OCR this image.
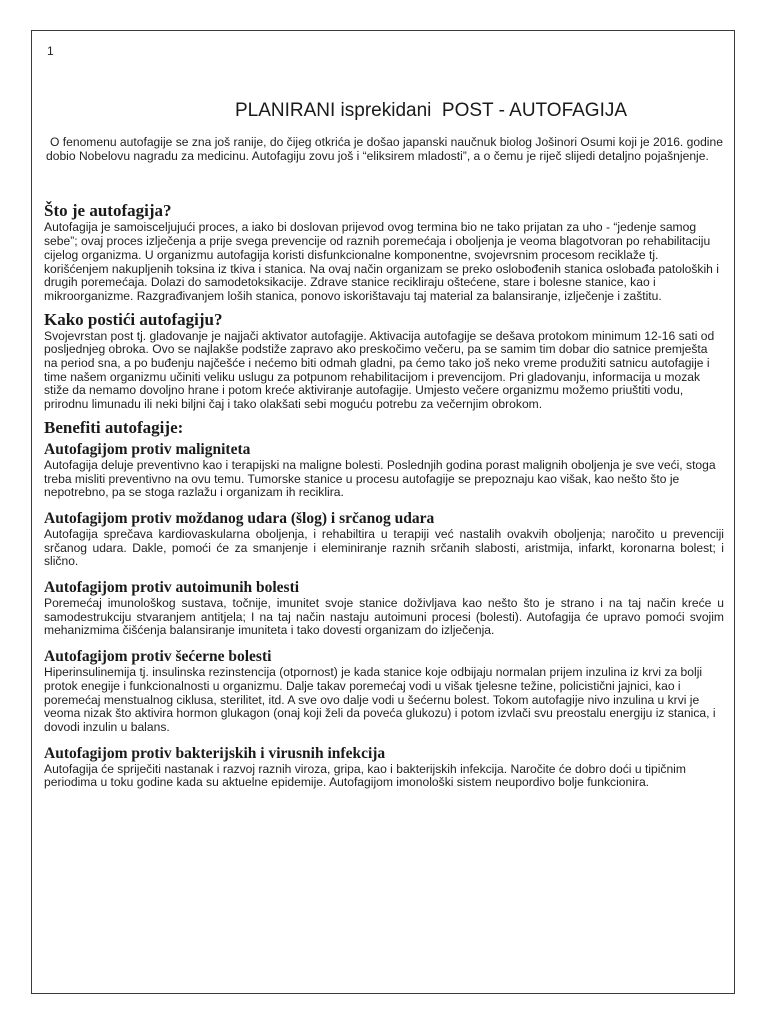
1
PLANIRANI isprekidani  POST - AUTOFAGIJA

O fenomenu autofagije se zna još ranije, do čijeg otkrića je došao japanski naučnuk biolog Jošinori Osumi koji je 2016. godine dobio Nobelovu nagradu za medicinu. Autofagiju zovu još i “eliksirem mladosti”, a o čemu je riječ slijedi detaljno pojašnjenje.

Što je autofagija?

Autofagija je samoisceljujući proces, a iako bi doslovan prijevod ovog termina bio ne tako prijatan za uho - “jedenje samog sebe”; ovaj proces izlječenja a prije svega prevencije od raznih poremećaja i oboljenja je veoma blagotvoran po rehabilitaciju cijelog organizma. U organizmu autofagija koristi disfunkcionalne komponentne, svojevrsnim procesom reciklaže tj. korišćenjem nakupljenih toksina iz tkiva i stanica. Na ovaj način organizam se preko oslobođenih stanica oslobađa patoloških i drugih poremećaja. Dolazi do samodetoksikacije. Zdrave stanice recikliraju oštećene, stare i bolesne stanice, kao i mikroorganizme. Razgrađivanjem loših stanica, ponovo iskorištavaju taj material za balansiranje, izlječenje i zaštitu.

Kako postići autofagiju?

Svojevrstan post tj. gladovanje je najjači aktivator autofagije. Aktivacija autofagije se dešava protokom minimum 12-16 sati od posljednjeg obroka. Ovo se najlakše podstiže zapravo ako preskočimo večeru, pa se samim tim dobar dio satnice premješta na period sna, a po buđenju najčešće i nećemo biti odmah gladni, pa ćemo tako još neko vreme produžiti satnicu autofagije i time našem organizmu učiniti veliku uslugu za potpunom rehabilitacijom i prevencijom. Pri gladovanju, informacija u mozak stiže da nemamo dovoljno hrane i potom kreće aktiviranje autofagije. Umjesto večere organizmu možemo priuštiti vodu, prirodnu limunadu ili neki biljni čaj i tako olakšati sebi moguću potrebu za večernjim obrokom.

Benefiti autofagije:
Autofagijom protiv maligniteta

Autofagija deluje preventivno kao i terapijski na maligne bolesti. Poslednjih godina porast malignih oboljenja je sve veći, stoga treba misliti preventivno na ovu temu. Tumorske stanice u procesu autofagije se prepoznaju kao višak, kao nešto što je nepotrebno, pa se stoga razlažu i organizam ih reciklira.

Autofagijom protiv moždanog udara (šlog) i srčanog udara

Autofagija sprečava kardiovaskularna oboljenja, i rehabiltira u terapiji već nastalih ovakvih oboljenja; naročito u prevenciji srčanog udara. Dakle, pomoći će za smanjenje i eleminiranje raznih srčanih slabosti, aristmija, infarkt, koronarna bolest; i slično.

Autofagijom protiv autoimunih bolesti

Poremećaj imunološkog sustava, točnije, imunitet svoje stanice doživljava kao nešto što je strano i na taj način kreće u samodestrukciju stvaranjem antitjela; I na taj način nastaju autoimuni procesi (bolesti). Autofagija će upravo pomoći svojim mehanizmima čišćenja balansiranje imuniteta i tako dovesti organizam do izlječenja.

Autofagijom protiv šećerne bolesti

Hiperinsulinemija tj. insulinska rezinstencija (otpornost) je kada stanice koje odbijaju normalan prijem inzulina iz krvi za bolji protok enegije i funkcionalnosti u organizmu. Dalje takav poremećaj vodi u višak tjelesne težine, policistični jajnici, kao i poremećaj menstualnog ciklusa, sterilitet, itd. A sve ovo dalje vodi u šećernu bolest. Tokom autofagije nivo inzulina u krvi je veoma nizak što aktivira hormon glukagon (onaj koji želi da poveća glukozu) i potom izvlači svu preostalu energiju iz stanica, i dovodi inzulin u balans.

Autofagijom protiv bakterijskih i virusnih infekcija

Autofagija će spriječiti nastanak i razvoj raznih viroza, gripa, kao i bakterijskih infekcija. Naročite će dobro doći u tipičnim periodima u toku godine kada su aktuelne epidemije. Autofagijom imonološki sistem neupordivo bolje funkcionira.
